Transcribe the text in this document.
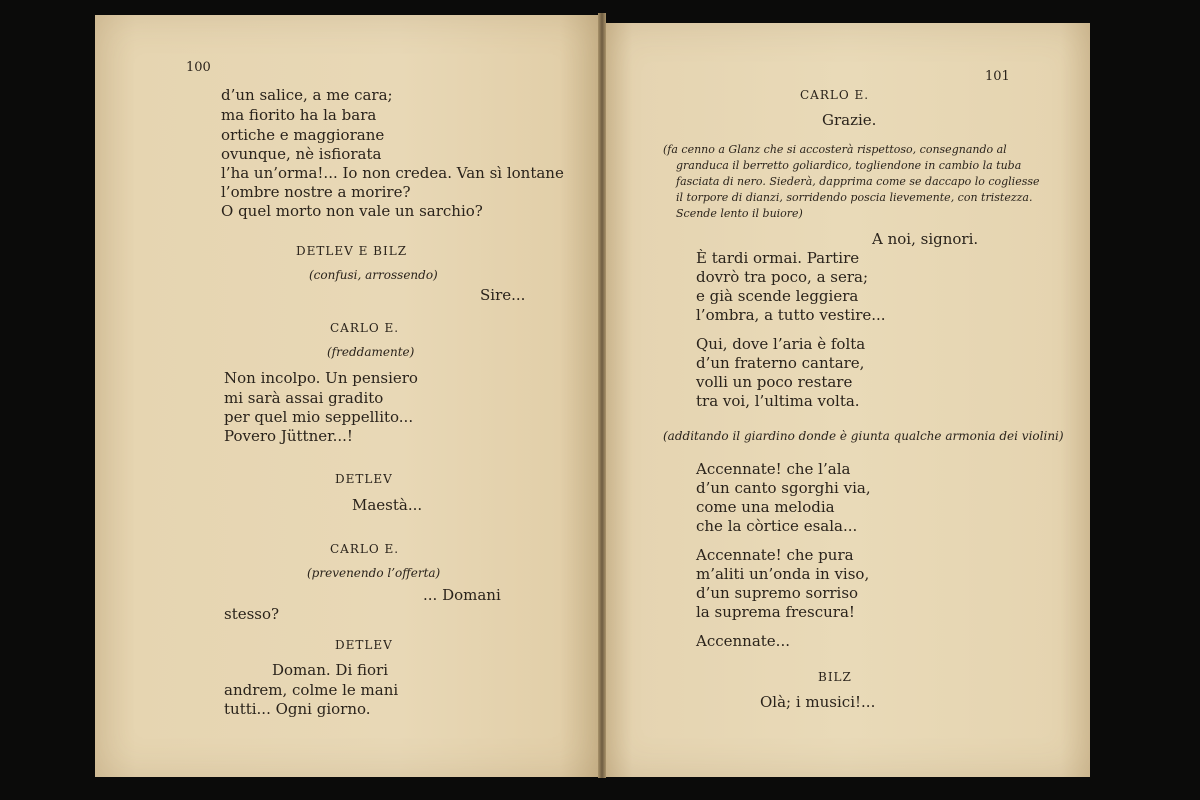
100
d’un salice, a me cara;
ma fiorito ha la bara
ortiche e maggiorane
ovunque, nè isfiorata
l’ha un’orma!... Io non credea. Van sì lontane
l’ombre nostre a morire?
O quel morto non vale un sarchio?
DETLEV E BILZ
(confusi, arrossendo)
Sire...
CARLO E.
(freddamente)
Non incolpo. Un pensiero
mi sarà assai gradito
per quel mio seppellito...
Povero Jüttner...!
DETLEV
Maestà...
CARLO E.
(prevenendo l’offerta)
... Domani
stesso?
DETLEV
Doman. Di fiori
andrem, colme le mani
tutti... Ogni giorno.
101
CARLO E.
Grazie.
(fa cenno a Glanz che si accosterà rispettoso, consegnando al
granduca il berretto goliardico, togliendone in cambio la tuba
fasciata di nero. Siederà, dapprima come se daccapo lo cogliesse
il torpore di dianzi, sorridendo poscia lievemente, con tristezza.
Scende lento il buiore)
A noi, signori.
È tardi ormai. Partire
dovrò tra poco, a sera;
e già scende leggiera
l’ombra, a tutto vestire...
Qui, dove l’aria è folta
d’un fraterno cantare,
volli un poco restare
tra voi, l’ultima volta.
(additando il giardino donde è giunta qualche armonia dei violini)
Accennate! che l’ala
d’un canto sgorghi via,
come una melodia
che la còrtice esala...
Accennate! che pura
m’aliti un’onda in viso,
d’un supremo sorriso
la suprema frescura!
Accennate...
BILZ
Olà; i musici!...
